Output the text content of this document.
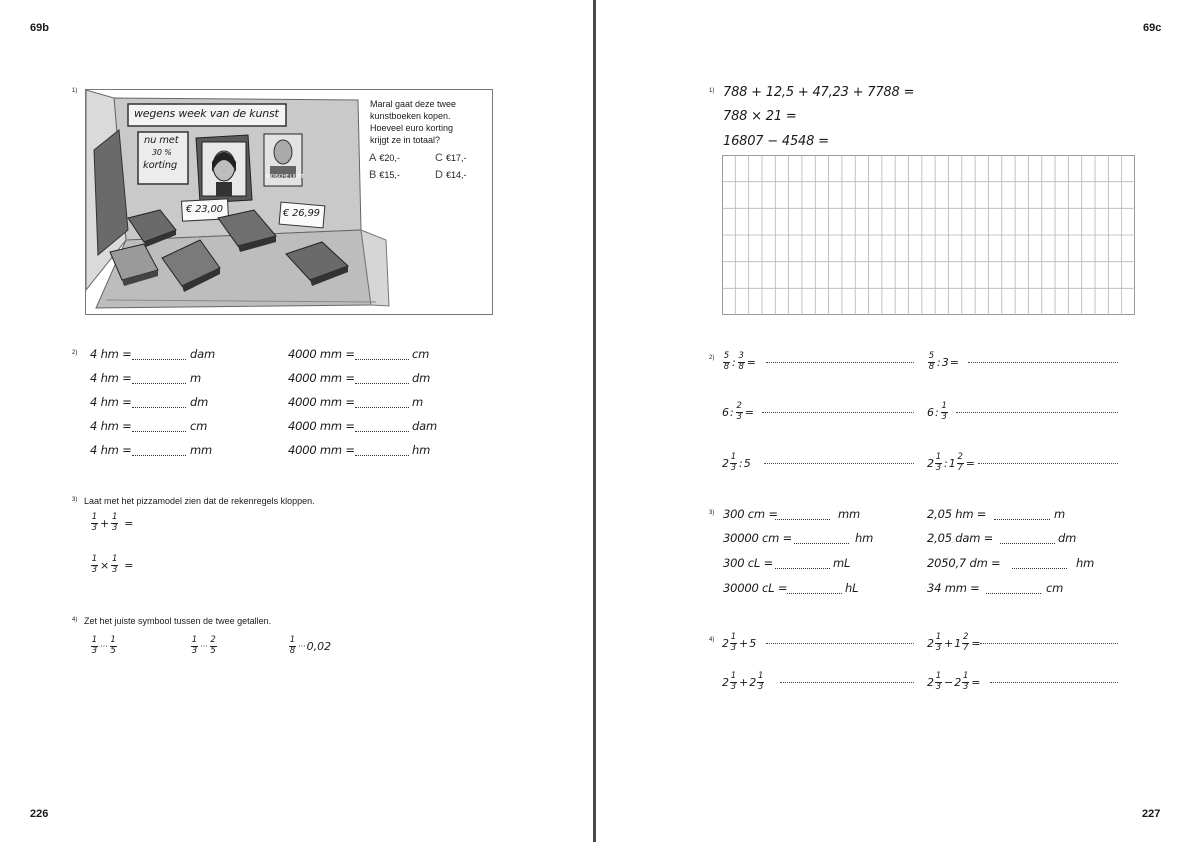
69b
226
1)
wegens week van de kunst
nu met
30 %
korting
INDISCHE LICHT
€ 23,00	€ 26,99
Maral gaat deze twee
kunstboeken kopen.
Hoeveel euro korting
krijgt ze in totaal?
A €20,-	C €17,-
B €15,-	D €14,-
2) 4 hm =	dam	4000 mm =	cm
4 hm =	m	4000 mm =	dm
4 hm =	dm	4000 mm =	m
4 hm =	cm	4000 mm =	dam
4 hm =	mm	4000 mm =	hm
3) Laat met het pizzamodel zien dat de rekenregels kloppen.
$\frac{1}{3} + \frac{1}{3}$ =
$\frac{1}{3} \times \frac{1}{3}$ =
4) Zet het juiste symbool tussen de twee getallen.
$\frac{1}{3}$ ··· $\frac{1}{5}$	$\frac{1}{3}$ ··· $\frac{2}{5}$	$\frac{1}{8}$ ··· 0,02
69c
227
1) 788 + 12,5 + 47,23 + 7788 =
788 × 21 =
16807 − 4548 =
$2) \frac{5}{8}$ : $\frac{3}{8}$ =	$\frac{5}{8}$ : 3 =
6 : $\frac{2}{3}$ =	6 : $\frac{1}{3}$
$2 \frac{1}{3}$ : 5	$2 \frac{1}{3}$ : $1 \frac{2}{7}$ =
3) 300 cm =	mm	2,05 hm =	m
30000 cm =	hm	2,05 dam =	dm
300 cL =	mL	2050,7 dm =	hm
30000 cL =	hL	34 mm =	cm
4) $2 \frac{1}{3} + 5$	$2 \frac{1}{3} + 1 \frac{2}{7}$ =
$2 \frac{1}{3} + 2 \frac{1}{3}$	$2 \frac{1}{3} - 2 \frac{1}{3}$ =
